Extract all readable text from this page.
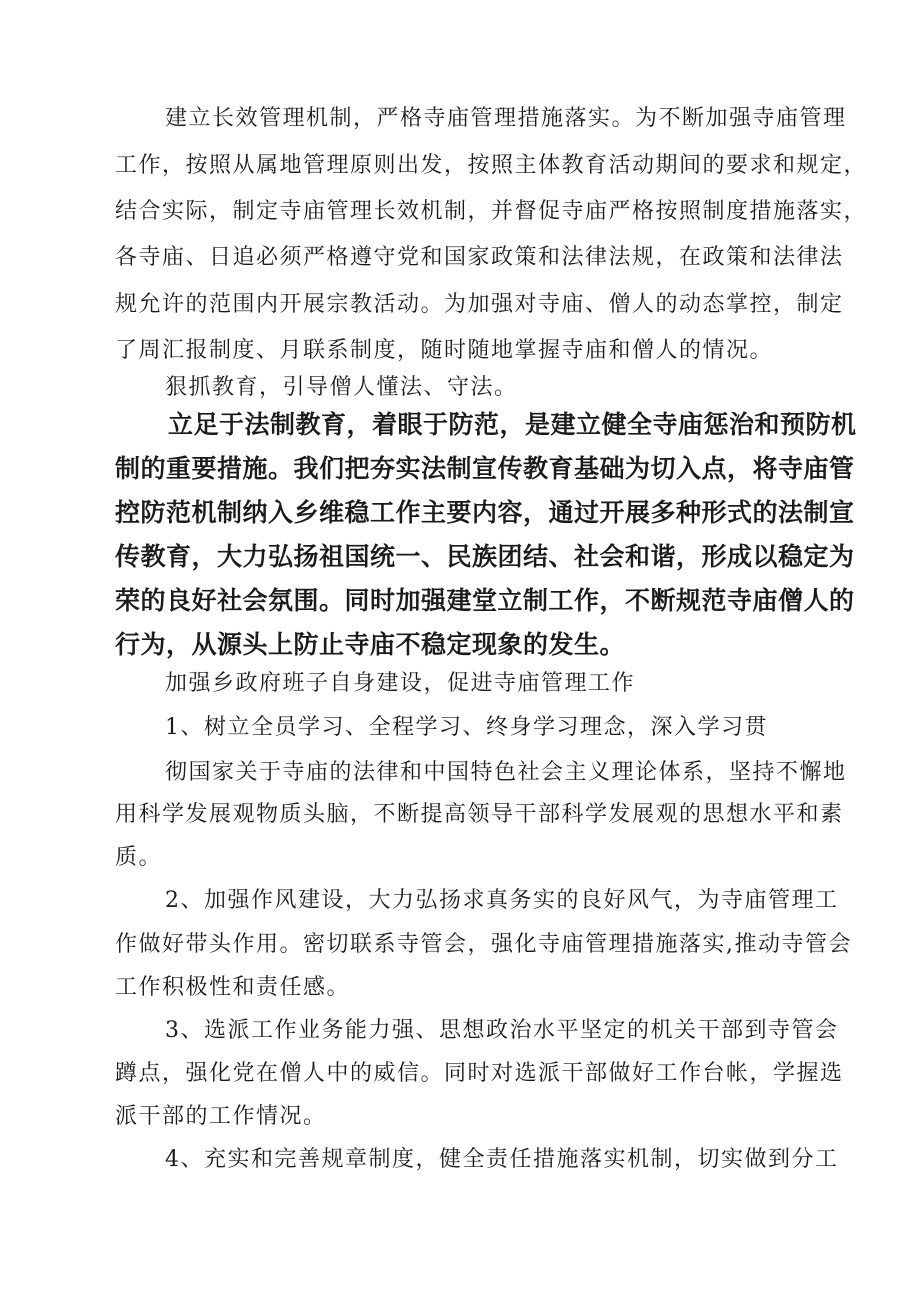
建立长效管理机制，严格寺庙管理措施落实。为不断加强寺庙管理

工作，按照从属地管理原则出发，按照主体教育活动期间的要求和规定，

结合实际，制定寺庙管理长效机制，并督促寺庙严格按照制度措施落实，

各寺庙、日追必须严格遵守党和国家政策和法律法规，在政策和法律法

规允许的范围内开展宗教活动。为加强对寺庙、僧人的动态掌控，制定

了周汇报制度、月联系制度，随时随地掌握寺庙和僧人的情况。

狠抓教育，引导僧人懂法、守法。

立足于法制教育，着眼于防范，是建立健全寺庙惩治和预防机

制的重要措施。我们把夯实法制宣传教育基础为切入点，将寺庙管

控防范机制纳入乡维稳工作主要内容，通过开展多种形式的法制宣

传教育，大力弘扬祖国统一、民族团结、社会和谐，形成以稳定为

荣的良好社会氛围。同时加强建堂立制工作，不断规范寺庙僧人的

行为，从源头上防止寺庙不稳定现象的发生。

加强乡政府班子自身建设，促进寺庙管理工作

1、树立全员学习、全程学习、终身学习理念，深入学习贯

彻国家关于寺庙的法律和中国特色社会主义理论体系，坚持不懈地

用科学发展观物质头脑，不断提高领导干部科学发展观的思想水平和素

质。

2、加强作风建设，大力弘扬求真务实的良好风气，为寺庙管理工

作做好带头作用。密切联系寺管会，强化寺庙管理措施落实,推动寺管会

工作积极性和责任感。

3、选派工作业务能力强、思想政治水平坚定的机关干部到寺管会

蹲点，强化党在僧人中的威信。同时对选派干部做好工作台帐，学握选

派干部的工作情况。

4、充实和完善规章制度，健全责任措施落实机制，切实做到分工
